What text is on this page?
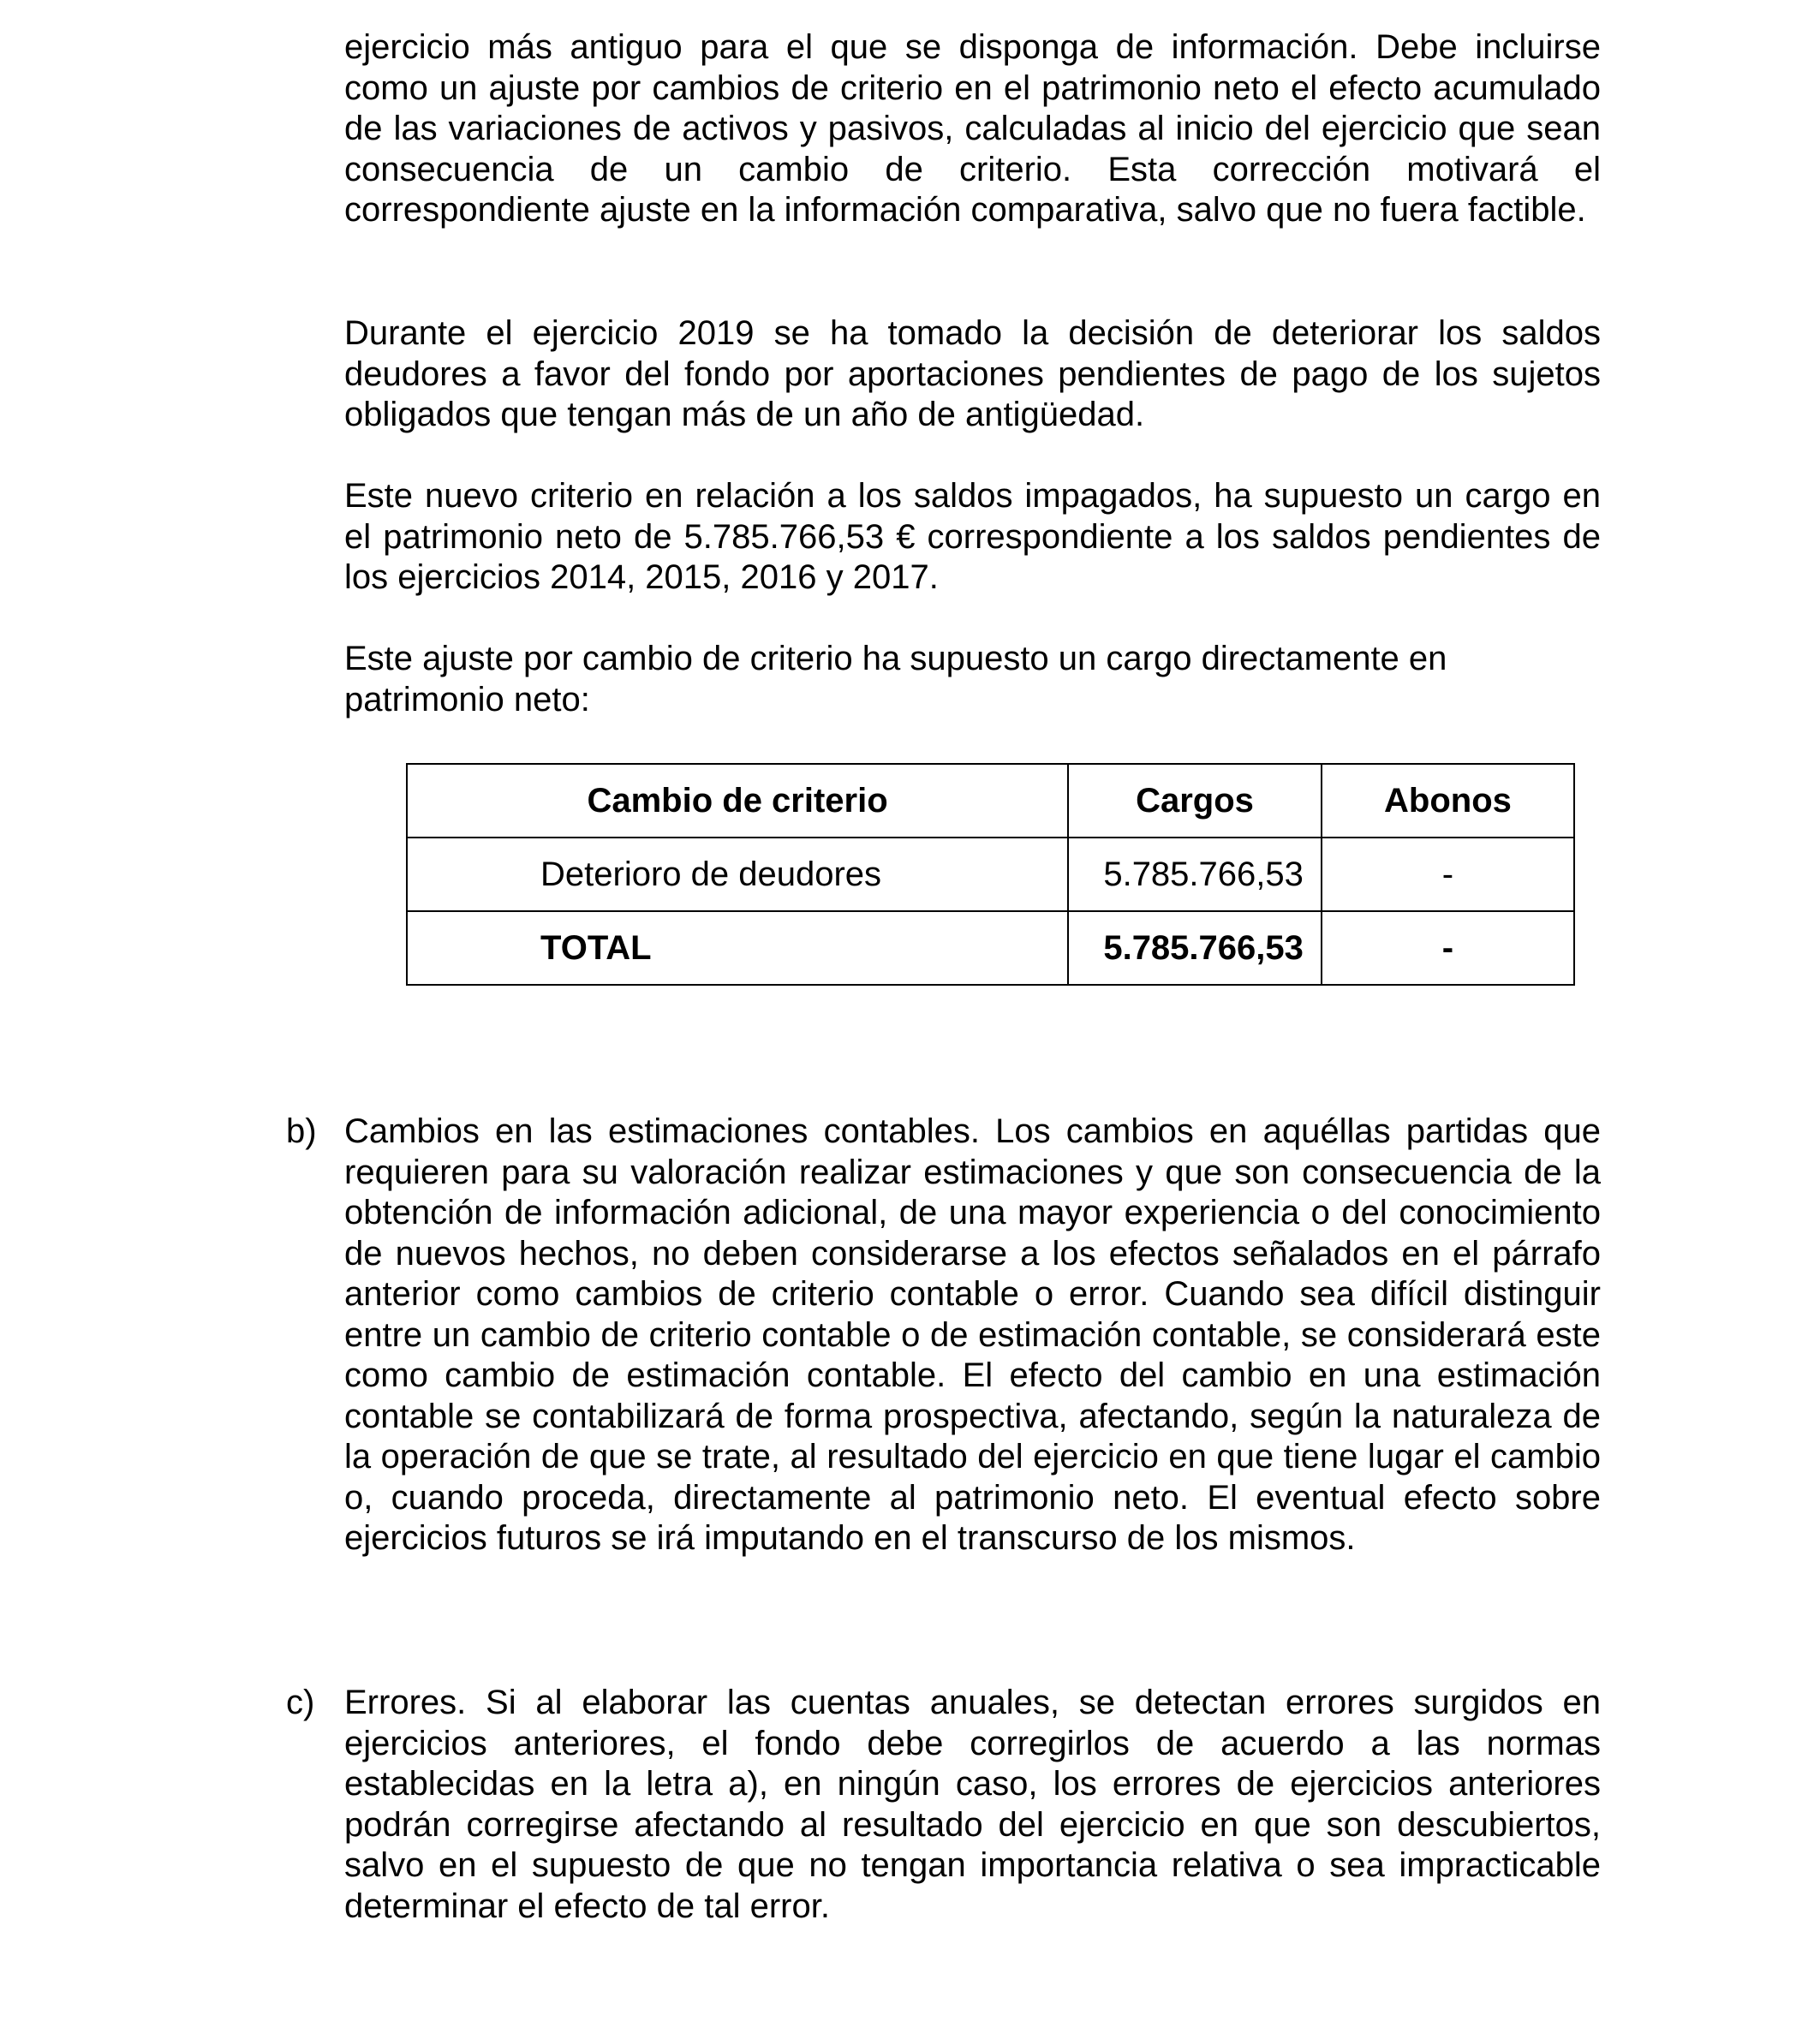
ejercicio más antiguo para el que se disponga de información. Debe incluirse como un ajuste por cambios de criterio en el patrimonio neto el efecto acumulado de las variaciones de activos y pasivos, calculadas al inicio del ejercicio que sean consecuencia de un cambio de criterio. Esta corrección motivará el correspondiente ajuste en la información comparativa, salvo que no fuera factible.

Durante el ejercicio 2019 se ha tomado la decisión de deteriorar los saldos deudores a favor del fondo por aportaciones pendientes de pago de los sujetos obligados que tengan más de un año de antigüedad.

Este nuevo criterio en relación a los saldos impagados, ha supuesto un cargo en el patrimonio neto de 5.785.766,53 € correspondiente a los saldos pendientes de los ejercicios 2014, 2015, 2016 y 2017.

Este ajuste por cambio de criterio ha supuesto un cargo directamente en patrimonio neto:

Cambio de criterio	Cargos	Abonos
Deterioro de deudores	5.785.766,53	-
TOTAL	5.785.766,53	-

b) Cambios en las estimaciones contables. Los cambios en aquéllas partidas que requieren para su valoración realizar estimaciones y que son consecuencia de la obtención de información adicional, de una mayor experiencia o del conocimiento de nuevos hechos, no deben considerarse a los efectos señalados en el párrafo anterior como cambios de criterio contable o error. Cuando sea difícil distinguir entre un cambio de criterio contable o de estimación contable, se considerará este como cambio de estimación contable. El efecto del cambio en una estimación contable se contabilizará de forma prospectiva, afectando, según la naturaleza de la operación de que se trate, al resultado del ejercicio en que tiene lugar el cambio o, cuando proceda, directamente al patrimonio neto. El eventual efecto sobre ejercicios futuros se irá imputando en el transcurso de los mismos.

c) Errores. Si al elaborar las cuentas anuales, se detectan errores surgidos en ejercicios anteriores, el fondo debe corregirlos de acuerdo a las normas establecidas en la letra a), en ningún caso, los errores de ejercicios anteriores podrán corregirse afectando al resultado del ejercicio en que son descubiertos, salvo en el supuesto de que no tengan importancia relativa o sea impracticable determinar el efecto de tal error.
